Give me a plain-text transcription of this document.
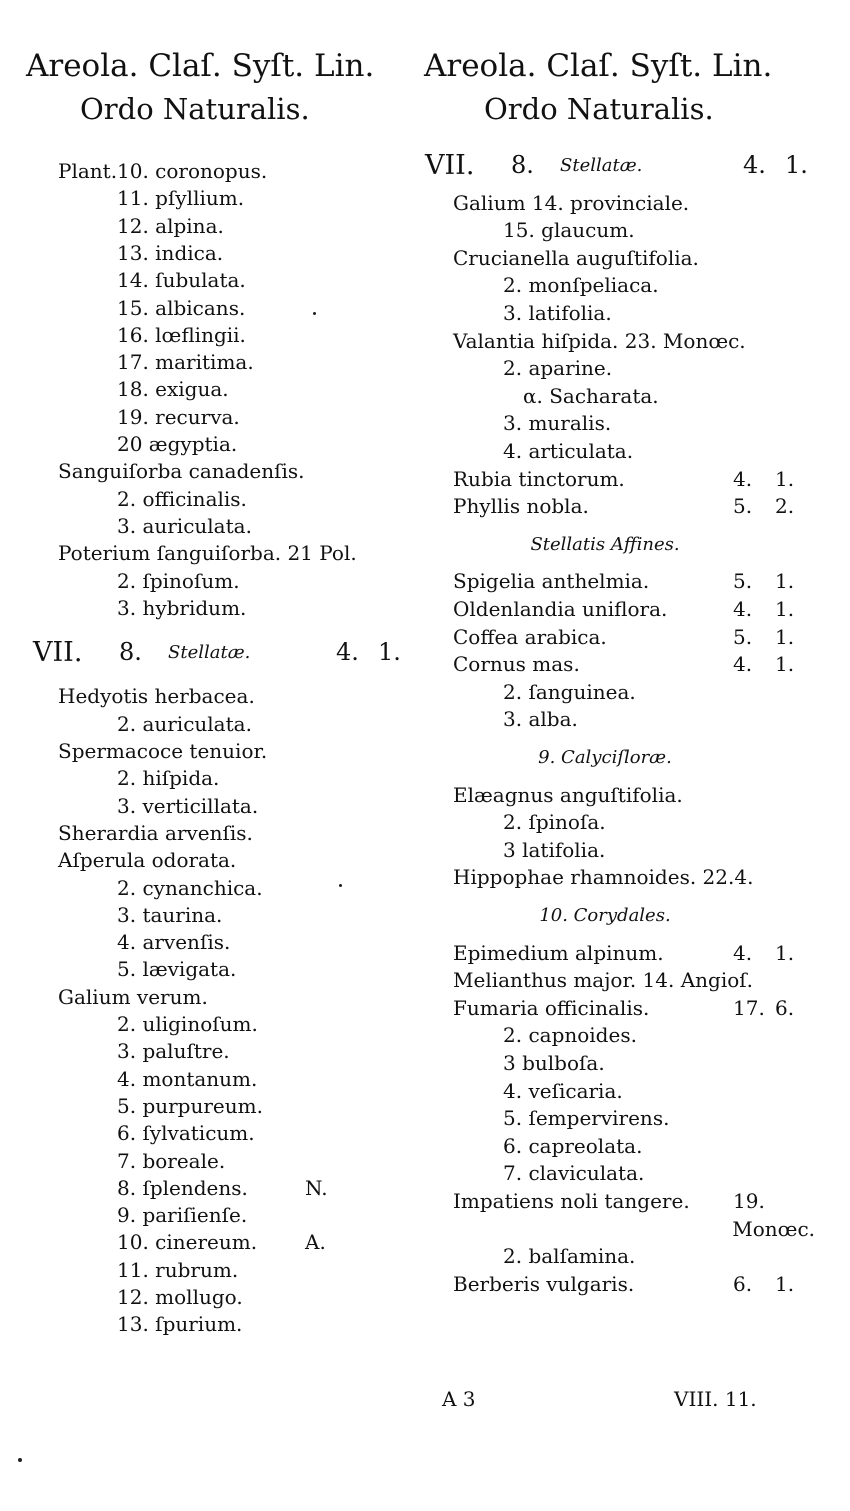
Areola. Claſ. Syſt. Lin.
Ordo Naturalis.
Areola. Claſ. Syſt. Lin.
Ordo Naturalis.
Plant. 10. coronopus.
11. pſyllium.
12. alpina.
13. indica.
14. ſubulata.
15. albicans.
16. lœflingii.
17. maritima.
18. exigua.
19. recurva.
20 ægyptia.
Sanguiſorba canadenſis.
2. officinalis.
3. auriculata.
Poterium ſanguiſorba. 21 Pol.
2. ſpinoſum.
3. hybridum.
VII. 8. Stellatæ.	4. 1.
Hedyotis herbacea.
2. auriculata.
Spermacoce tenuior.
2. hiſpida.
3. verticillata.
Sherardia arvenſis.
Aſperula odorata.
2. cynanchica.
3. taurina.
4. arvenſis.
5. lævigata.
Galium verum.
2. uliginoſum.
3. paluſtre.
4. montanum.
5. purpureum.
6. ſylvaticum.
7. boreale.
8. ſplendens.	N.
9. pariſienſe.
10. cinereum. A.
11. rubrum.
12. mollugo.
13. ſpurium.
VII. 8. Stellatæ.	4. 1.
Galium 14. provinciale.
15. glaucum.
Crucianella auguſtifolia.
2. monſpeliaca.
3. latifolia.
Valantia hiſpida. 23. Monœc.
2. aparine.
α. Sacharata.
3. muralis.
4. articulata.
Rubia tinctorum.	4. 1.
Phyllis nobla.	5. 2.
Stellatis Affines.
Spigelia anthelmia.	5. 1.
Oldenlandia uniflora.	4. 1.
Coffea arabica.	5. 1.
Cornus mas.	4. 1.
2. ſanguinea.
3. alba.
9. Calyciſloræ.
Elæagnus anguſtifolia.
2. ſpinoſa.
3 latifolia.
Hippophae rhamnoides. 22.4.
10. Corydales.
Epimedium alpinum.	4. 1.
Melianthus major. 14. Angioſ.
Fumaria officinalis.	17. 6.
2. capnoides.
3 bulboſa.
4. veſicaria.
5. ſempervirens.
6. capreolata.
7. claviculata.
Impatiens noli tangere. 19.
Monœc.
2. balſamina.
Berberis vulgaris.	6. 1.
A 3	VIII. 11.
